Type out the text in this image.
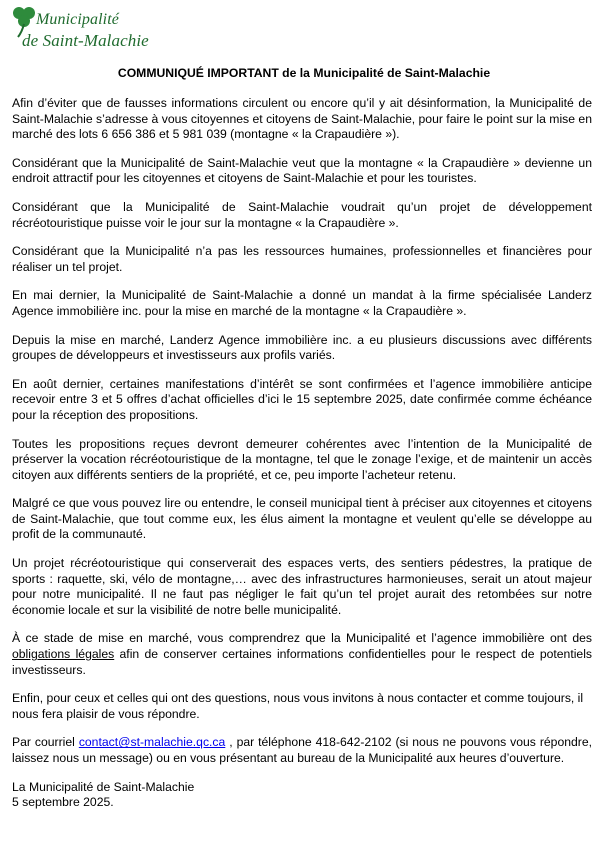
Municipalité
de Saint-Malachie
COMMUNIQUÉ IMPORTANT de la Municipalité de Saint-Malachie

Afin d’éviter que de fausses informations circulent ou encore qu’il y ait désinformation, la Municipalité de Saint-Malachie s’adresse à vous citoyennes et citoyens de Saint-Malachie, pour faire le point sur la mise en marché des lots 6 656 386 et 5 981 039 (montagne « la Crapaudière »).

Considérant que la Municipalité de Saint-Malachie veut que la montagne « la Crapaudière » devienne un endroit attractif pour les citoyennes et citoyens de Saint-Malachie et pour les touristes.

Considérant que la Municipalité de Saint-Malachie voudrait qu’un projet de développement récréotouristique puisse voir le jour sur la montagne « la Crapaudière ».

Considérant que la Municipalité n’a pas les ressources humaines, professionnelles et financières pour réaliser un tel projet.

En mai dernier, la Municipalité de Saint-Malachie a donné un mandat à la firme spécialisée Landerz Agence immobilière inc. pour la mise en marché de la montagne « la Crapaudière ».

Depuis la mise en marché, Landerz Agence immobilière inc. a eu plusieurs discussions avec différents groupes de développeurs et investisseurs aux profils variés.

En août dernier, certaines manifestations d’intérêt se sont confirmées et l’agence immobilière anticipe recevoir entre 3 et 5 offres d’achat officielles d’ici le 15 septembre 2025, date confirmée comme échéance pour la réception des propositions.

Toutes les propositions reçues devront demeurer cohérentes avec l’intention de la Municipalité de préserver la vocation récréotouristique de la montagne, tel que le zonage l’exige, et de maintenir un accès citoyen aux différents sentiers de la propriété, et ce, peu importe l’acheteur retenu.

Malgré ce que vous pouvez lire ou entendre, le conseil municipal tient à préciser aux citoyennes et citoyens de Saint-Malachie, que tout comme eux, les élus aiment la montagne et veulent qu’elle se développe au profit de la communauté.

Un projet récréotouristique qui conserverait des espaces verts, des sentiers pédestres, la pratique de sports : raquette, ski, vélo de montagne,… avec des infrastructures harmonieuses, serait un atout majeur pour notre municipalité. Il ne faut pas négliger le fait qu’un tel projet aurait des retombées sur notre économie locale et sur la visibilité de notre belle municipalité.

À ce stade de mise en marché, vous comprendrez que la Municipalité et l’agence immobilière ont des obligations légales afin de conserver certaines informations confidentielles pour le respect de potentiels investisseurs.

Enfin, pour ceux et celles qui ont des questions, nous vous invitons à nous contacter et comme toujours, il nous fera plaisir de vous répondre.

Par courriel contact@st-malachie.qc.ca , par téléphone 418-642-2102 (si nous ne pouvons vous répondre, laissez nous un message) ou en vous présentant au bureau de la Municipalité aux heures d’ouverture.

La Municipalité de Saint-Malachie
5 septembre 2025.
